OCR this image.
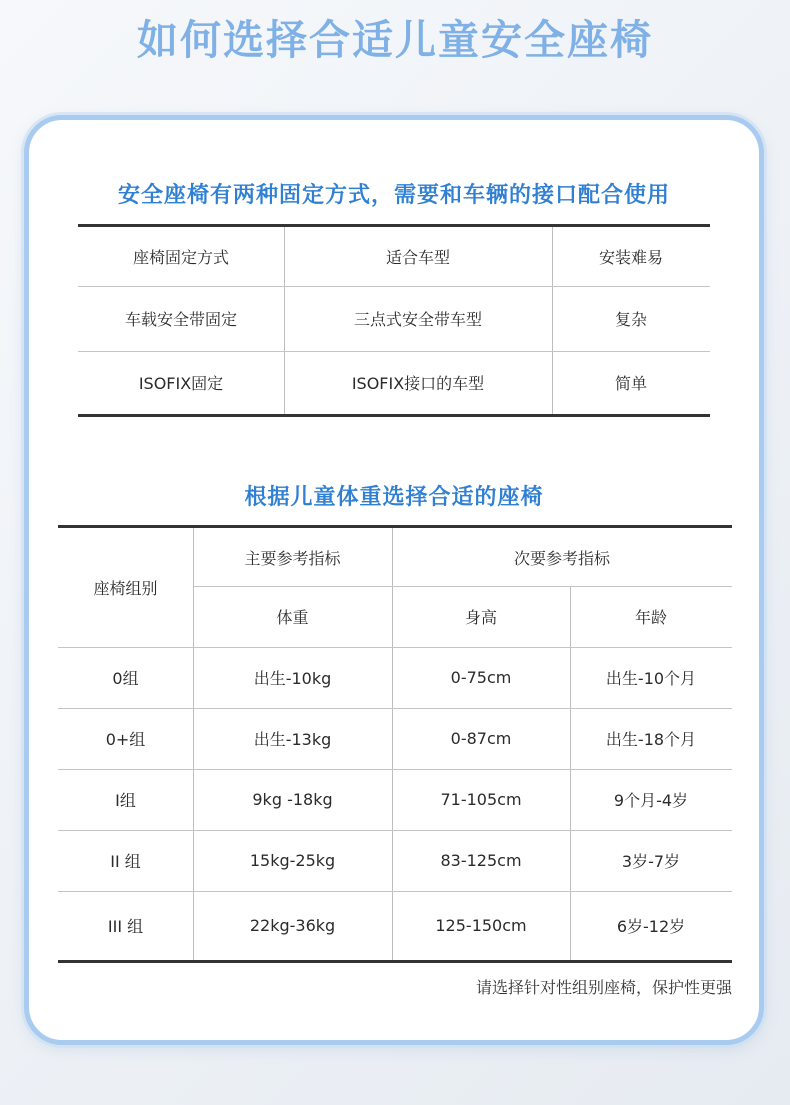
如何选择合适儿童安全座椅
安全座椅有两种固定方式，需要和车辆的接口配合使用
座椅固定方式	适合车型	安装难易
车载安全带固定	三点式安全带车型	复杂
ISOFIX固定	ISOFIX接口的车型	简单
根据儿童体重选择合适的座椅
座椅组别
主要参考指标	次要参考指标
体重	身高	年龄
0组	出生-10kg	0-75cm	出生-10个月
0+组	出生-13kg	0-87cm	出生-18个月
I组	9kg -18kg	71-105cm	9个月-4岁
II 组	15kg-25kg	83-125cm	3岁-7岁
III 组	22kg-36kg	125-150cm	6岁-12岁
请选择针对性组别座椅，保护性更强
